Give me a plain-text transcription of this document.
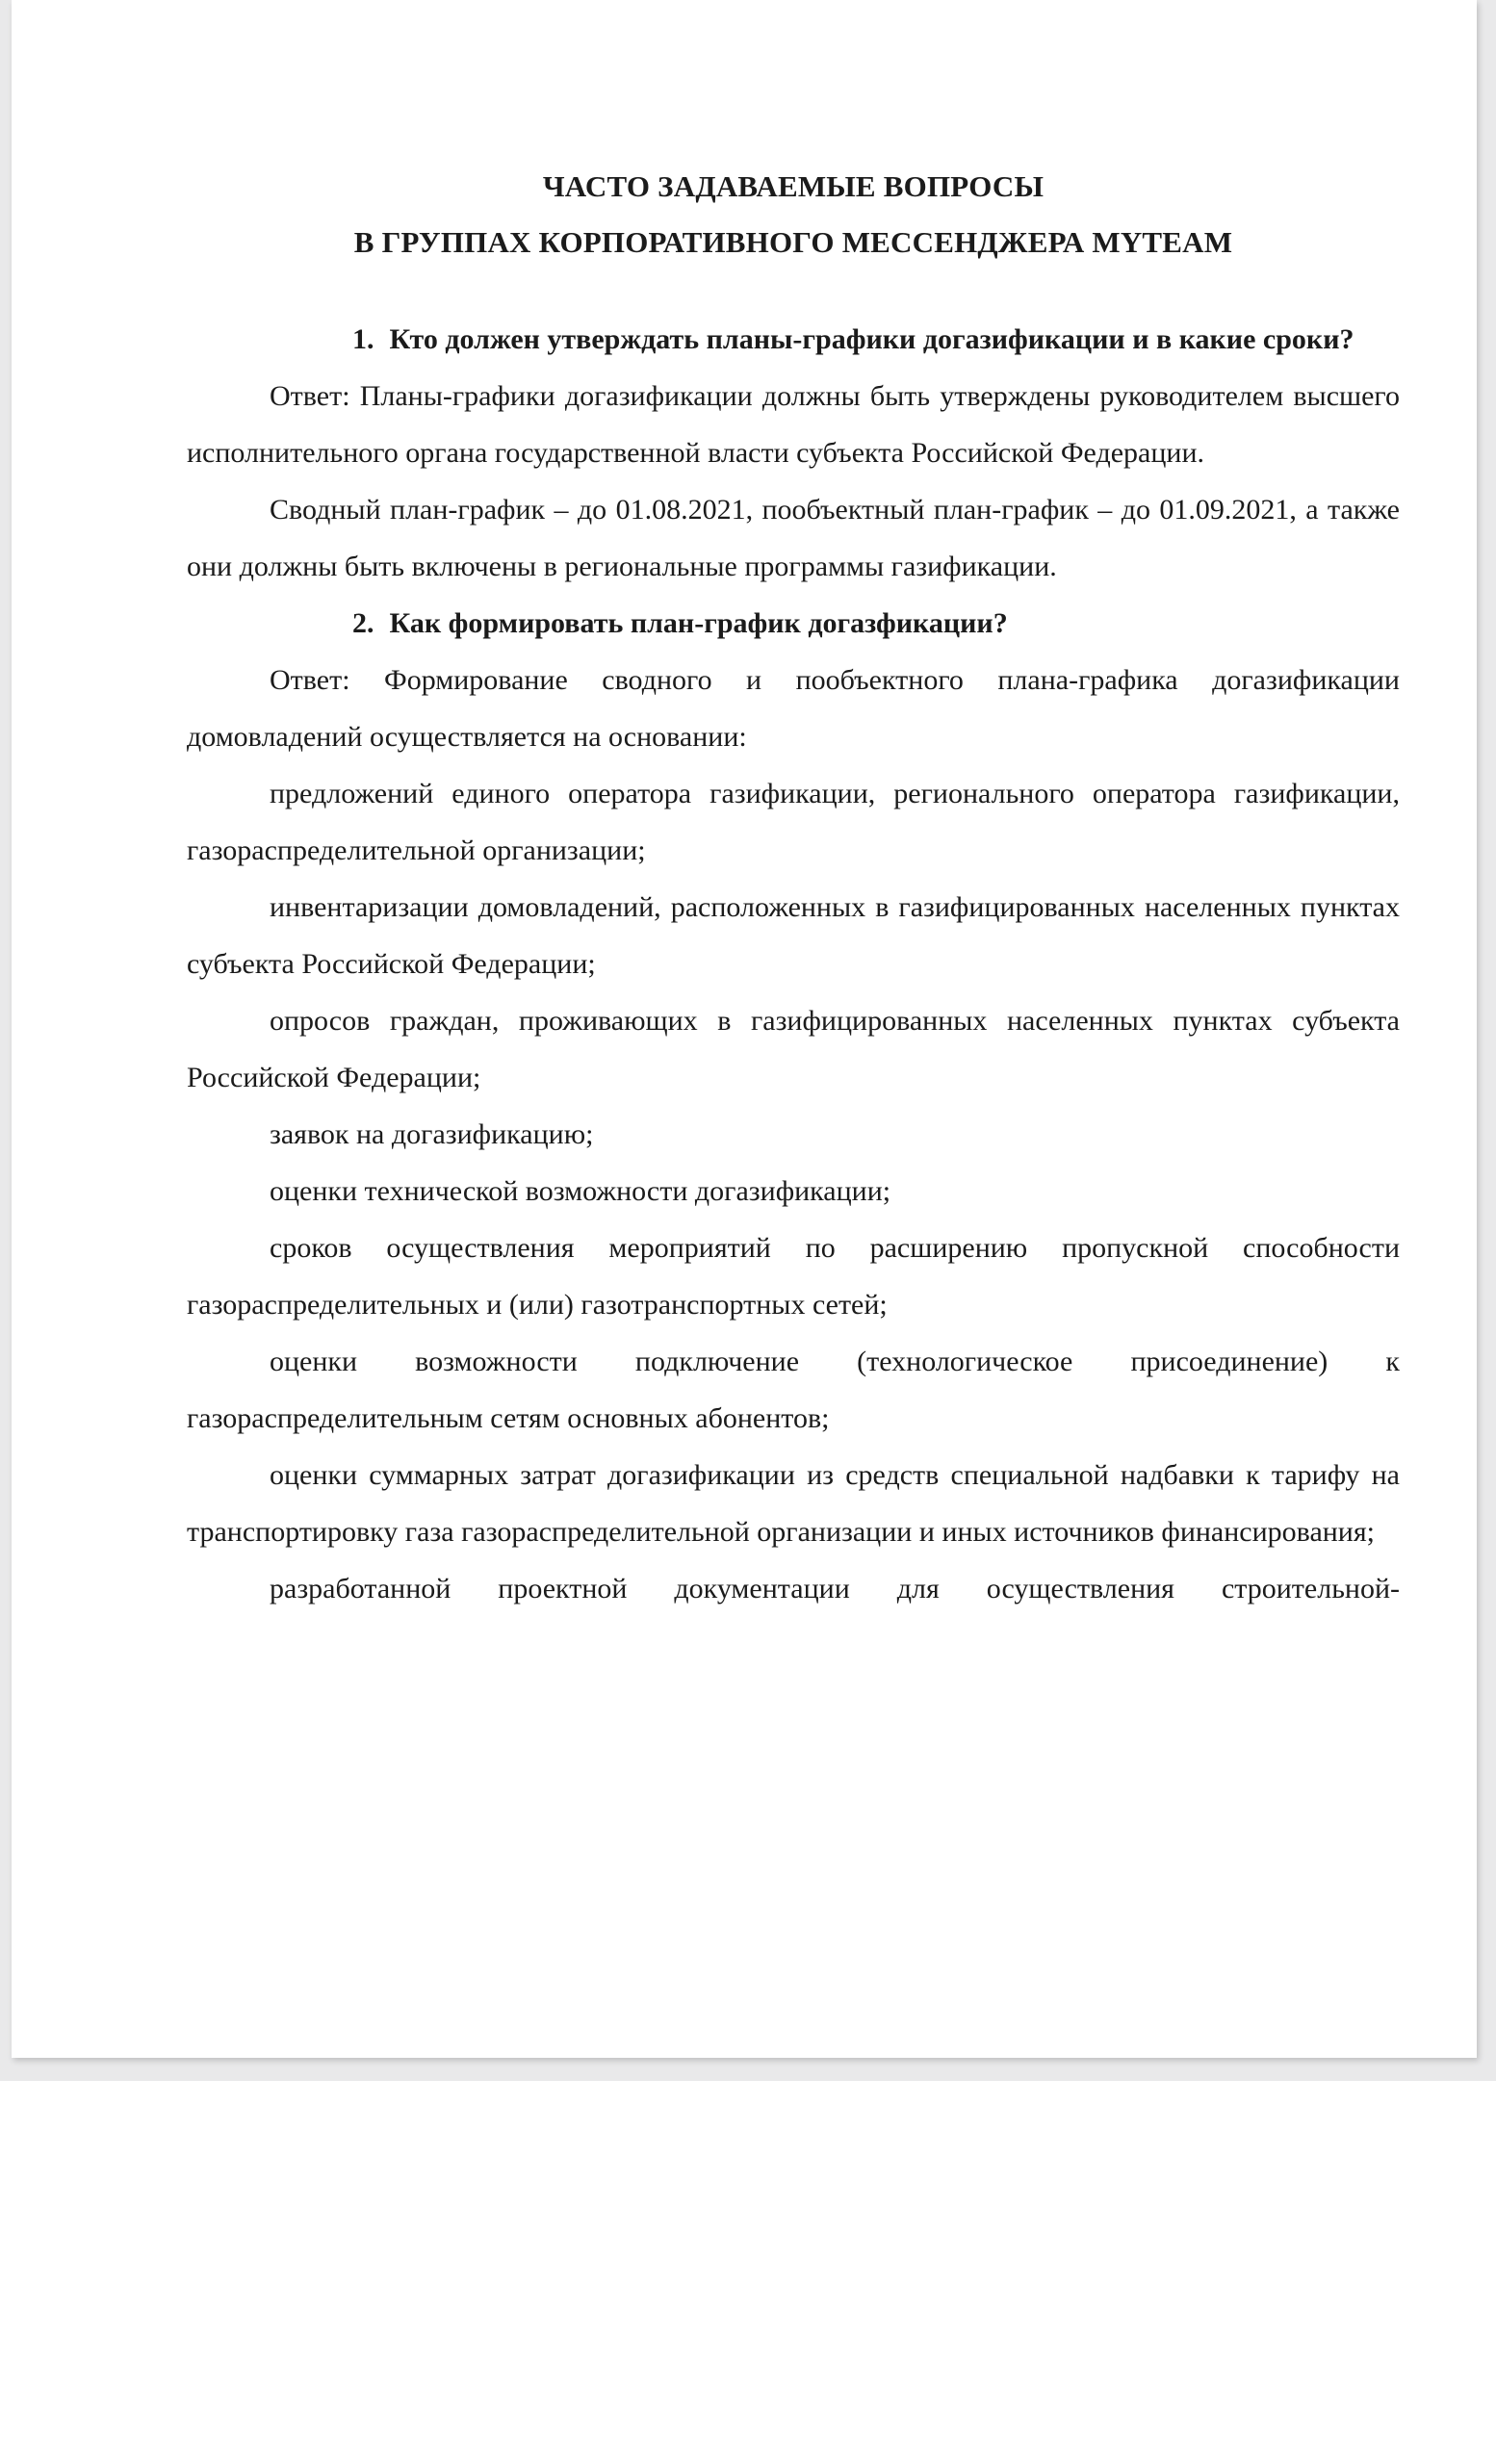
ЧАСТО ЗАДАВАЕМЫЕ ВОПРОСЫ
В ГРУППАХ КОРПОРАТИВНОГО МЕССЕНДЖЕРА MYTEAM

1. Кто должен утверждать планы-графики догазификации и в какие сроки?

Ответ: Планы-графики догазификации должны быть утверждены руководителем высшего исполнительного органа государственной власти субъекта Российской Федерации.

Сводный план-график – до 01.08.2021, пообъектный план-график – до 01.09.2021, а также они должны быть включены в региональные программы газификации.

2. Как формировать план-график догазфикации?

Ответ: Формирование сводного и пообъектного плана-графика догазификации домовладений осуществляется на основании:

предложений единого оператора газификации, регионального оператора газификации, газораспределительной организации;

инвентаризации домовладений, расположенных в газифицированных населенных пунктах субъекта Российской Федерации;

опросов граждан, проживающих в газифицированных населенных пунктах субъекта Российской Федерации;

заявок на догазификацию;

оценки технической возможности догазификации;

сроков осуществления мероприятий по расширению пропускной способности газораспределительных и (или) газотранспортных сетей;

оценки возможности подключение (технологическое присоединение) к газораспределительным сетям основных абонентов;

оценки суммарных затрат догазификации из средств специальной надбавки к тарифу на транспортировку газа газораспределительной организации и иных источников финансирования;

разработанной проектной документации для осуществления строительной-
